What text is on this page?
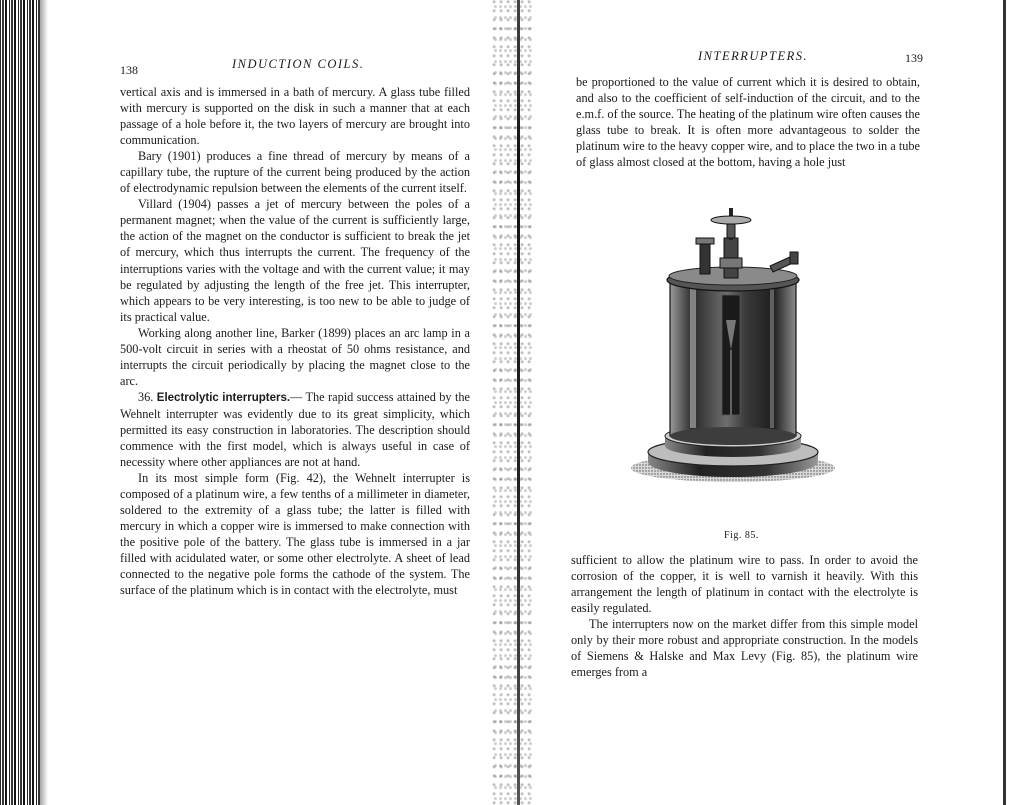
138	INDUCTION COILS.

vertical axis and is immersed in a bath of mercury. A glass tube filled with mercury is supported on the disk in such a manner that at each passage of a hole before it, the two layers of mercury are brought into communication.

Bary (1901) produces a fine thread of mercury by means of a capillary tube, the rupture of the current being produced by the action of electrodynamic repulsion between the elements of the current itself.

Villard (1904) passes a jet of mercury between the poles of a permanent magnet; when the value of the current is sufficiently large, the action of the magnet on the conductor is sufficient to break the jet of mercury, which thus interrupts the current. The frequency of the interruptions varies with the voltage and with the current value; it may be regulated by adjusting the length of the free jet. This interrupter, which appears to be very interesting, is too new to be able to judge of its practical value.

Working along another line, Barker (1899) places an arc lamp in a 500-volt circuit in series with a rheostat of 50 ohms resistance, and interrupts the circuit periodically by placing the magnet close to the arc.

36. Electrolytic interrupters.— The rapid success attained by the Wehnelt interrupter was evidently due to its great simplicity, which permitted its easy construction in laboratories. The description should commence with the first model, which is always useful in case of necessity where other appliances are not at hand.

In its most simple form (Fig. 42), the Wehnelt interrupter is composed of a platinum wire, a few tenths of a millimeter in diameter, soldered to the extremity of a glass tube; the latter is filled with mercury in which a copper wire is immersed to make connection with the positive pole of the battery. The glass tube is immersed in a jar filled with acidulated water, or some other electrolyte. A sheet of lead connected to the negative pole forms the cathode of the system. The surface of the platinum which is in contact with the electrolyte, must

INTERRUPTERS.	139

be proportioned to the value of current which it is desired to obtain, and also to the coefficient of self-induction of the circuit, and to the e.m.f. of the source. The heating of the platinum wire often causes the glass tube to break. It is often more advantageous to solder the platinum wire to the heavy copper wire, and to place the two in a tube of glass almost closed at the bottom, having a hole just

sufficient to allow the platinum wire to pass. In order to avoid the corrosion of the copper, it is well to varnish it heavily. With this arrangement the length of platinum in contact with the electrolyte is easily regulated.

The interrupters now on the market differ from this simple model only by their more robust and appropriate construction. In the models of Siemens & Halske and Max Levy (Fig. 85), the platinum wire emerges from a

Fig. 85.
